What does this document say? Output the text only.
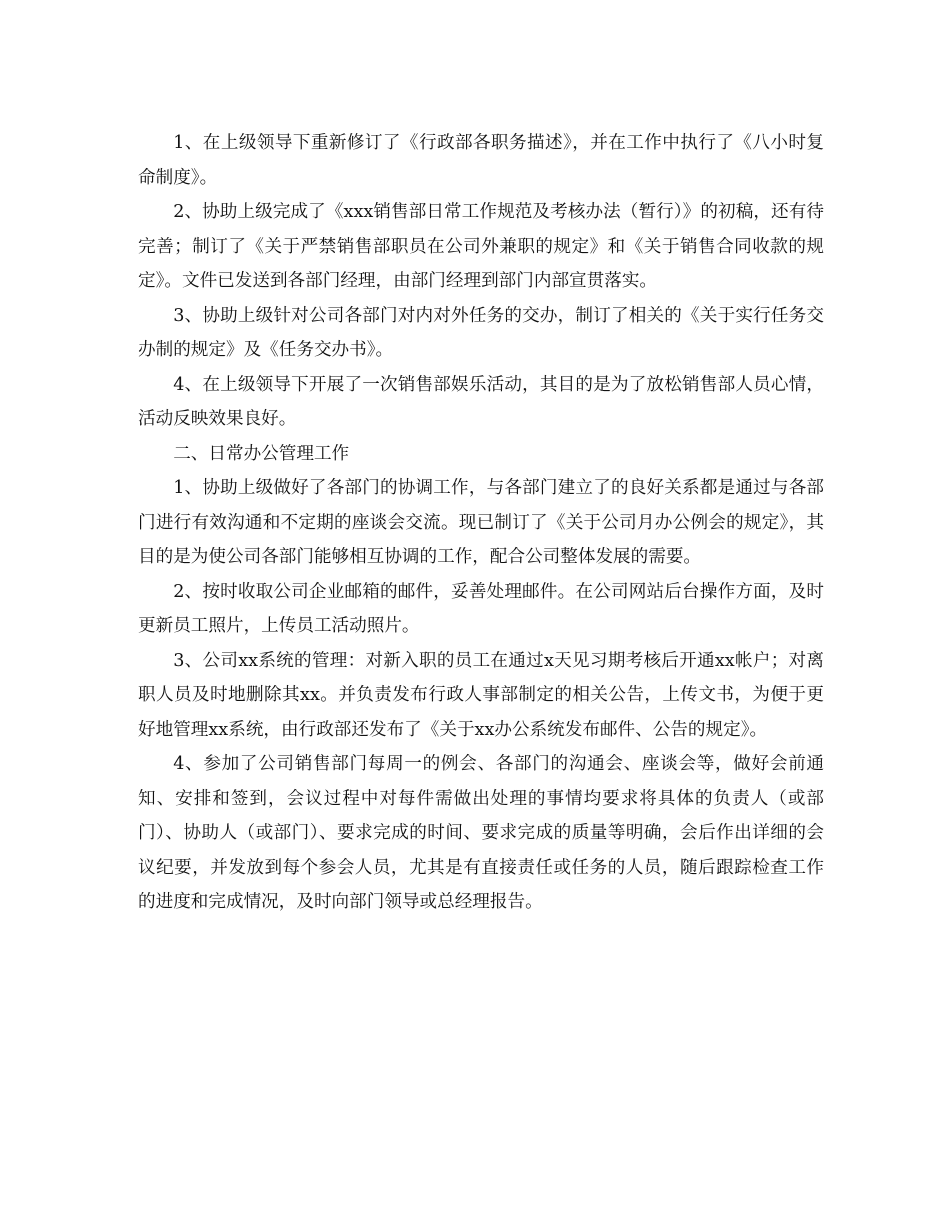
1、在上级领导下重新修订了《行政部各职务描述》，并在工作中执行了《八小时复命制度》。

2、协助上级完成了《xxx销售部日常工作规范及考核办法（暂行）》的初稿，还有待完善；制订了《关于严禁销售部职员在公司外兼职的规定》和《关于销售合同收款的规定》。文件已发送到各部门经理，由部门经理到部门内部宣贯落实。

3、协助上级针对公司各部门对内对外任务的交办，制订了相关的《关于实行任务交办制的规定》及《任务交办书》。

4、在上级领导下开展了一次销售部娱乐活动，其目的是为了放松销售部人员心情，活动反映效果良好。

二、日常办公管理工作

1、协助上级做好了各部门的协调工作，与各部门建立了的良好关系都是通过与各部门进行有效沟通和不定期的座谈会交流。现已制订了《关于公司月办公例会的规定》，其目的是为使公司各部门能够相互协调的工作，配合公司整体发展的需要。

2、按时收取公司企业邮箱的邮件，妥善处理邮件。在公司网站后台操作方面，及时更新员工照片，上传员工活动照片。

3、公司xx系统的管理：对新入职的员工在通过x天见习期考核后开通xx帐户；对离职人员及时地删除其xx。并负责发布行政人事部制定的相关公告，上传文书，为便于更好地管理xx系统，由行政部还发布了《关于xx办公系统发布邮件、公告的规定》。

4、参加了公司销售部门每周一的例会、各部门的沟通会、座谈会等，做好会前通知、安排和签到，会议过程中对每件需做出处理的事情均要求将具体的负责人（或部门）、协助人（或部门）、要求完成的时间、要求完成的质量等明确，会后作出详细的会议纪要，并发放到每个参会人员，尤其是有直接责任或任务的人员，随后跟踪检查工作的进度和完成情况，及时向部门领导或总经理报告。
